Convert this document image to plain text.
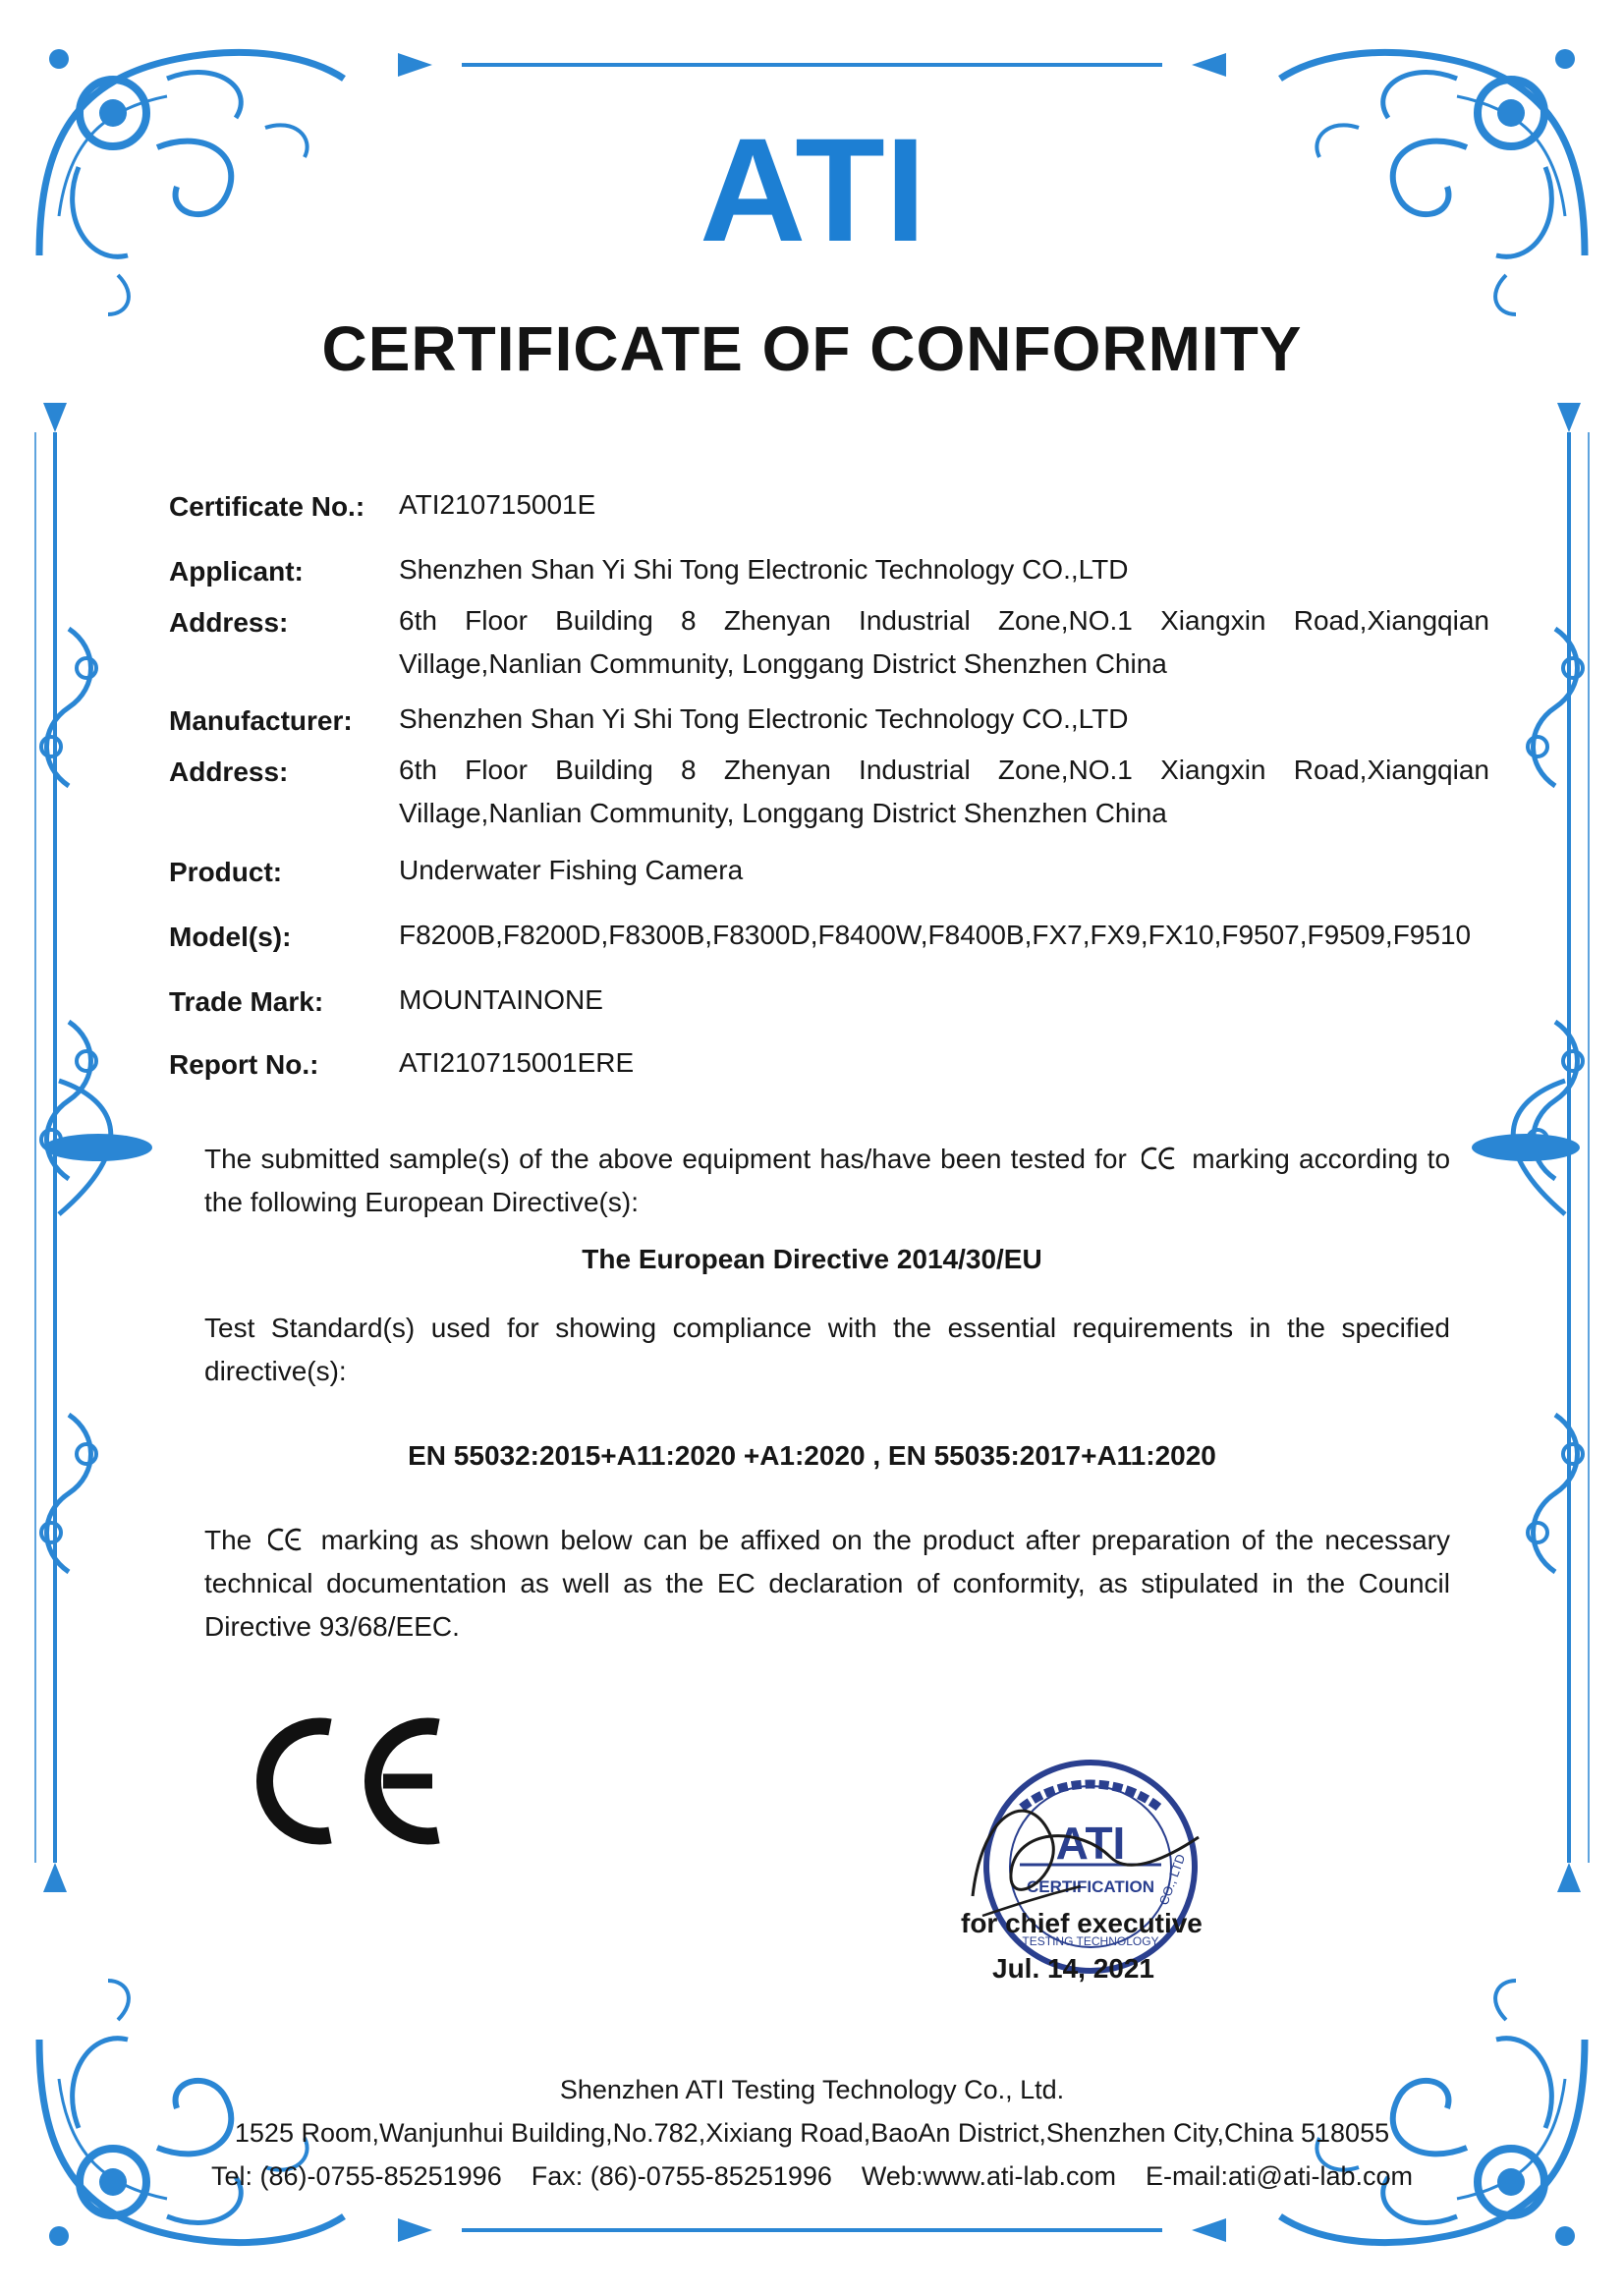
ATI
CERTIFICATE OF CONFORMITY
Certificate No.: ATI210715001E
Applicant:	Shenzhen Shan Yi Shi Tong Electronic Technology CO.,LTD
Address:	6th Floor Building 8 Zhenyan Industrial Zone,NO.1 Xiangxin Road,Xiangqian Village,Nanlian Community, Longgang District Shenzhen China
Manufacturer: Shenzhen Shan Yi Shi Tong Electronic Technology CO.,LTD
Address:	6th Floor Building 8 Zhenyan Industrial Zone,NO.1 Xiangxin Road,Xiangqian Village,Nanlian Community, Longgang District Shenzhen China
Product:	Underwater Fishing Camera
Model(s):	F8200B,F8200D,F8300B,F8300D,F8400W,F8400B,FX7,FX9,FX10,F9507,F9509,F9510
Trade Mark:	MOUNTAINONE
Report No.:	ATI210715001ERE
The submitted sample(s) of the above equipment has/have been tested for marking according to the following European Directive(s):
The European Directive 2014/30/EU
Test Standard(s) used for showing compliance with the essential requirements in the specified directive(s):
EN 55032:2015+A11:2020 +A1:2020 , EN 55035:2017+A11:2020
The	marking as shown below can be affixed on the product after preparation of the necessary technical documentation as well as the EC declaration of conformity, as stipulated in the Council Directive 93/68/EEC.
ATI
CERTIFICATION CO., LTD
TESTING TECHNOLOGY
for chief executive
Jul. 14, 2021
Shenzhen ATI Testing Technology Co., Ltd.
1525 Room,Wanjunhui Building,No.782,Xixiang Road,BaoAn District,Shenzhen City,China 518055
Tel: (86)-0755-85251996    Fax: (86)-0755-85251996    Web:www.ati-lab.com    E-mail:ati@ati-lab.com
